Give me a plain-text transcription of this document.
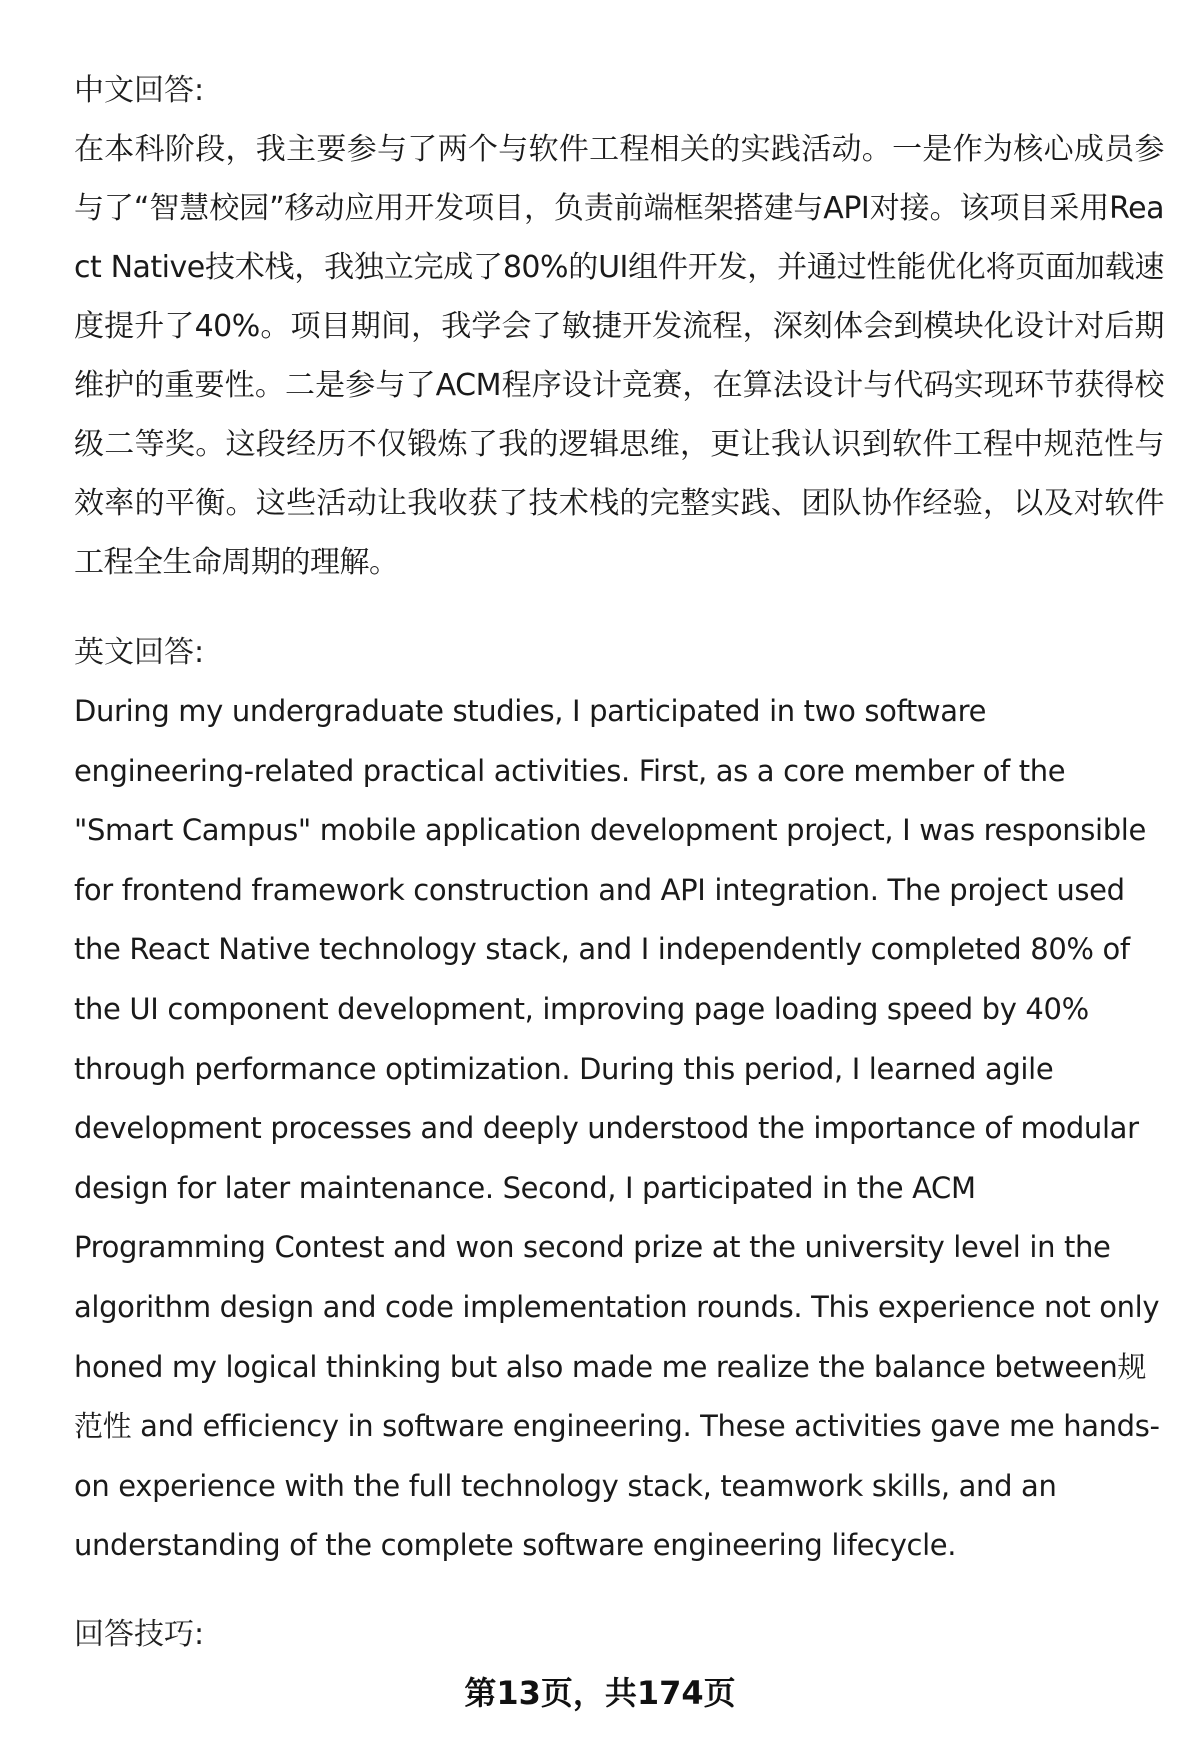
中文回答:

在本科阶段，我主要参与了两个与软件工程相关的实践活动。一是作为核心成员参与了“智慧校园”移动应用开发项目，负责前端框架搭建与API对接。该项目采用React Native技术栈，我独立完成了80%的UI组件开发，并通过性能优化将页面加载速度提升了40%。项目期间，我学会了敏捷开发流程，深刻体会到模块化设计对后期维护的重要性。二是参与了ACM程序设计竞赛，在算法设计与代码实现环节获得校级二等奖。这段经历不仅锻炼了我的逻辑思维，更让我认识到软件工程中规范性与效率的平衡。这些活动让我收获了技术栈的完整实践、团队协作经验，以及对软件工程全生命周期的理解。

英文回答:

During my undergraduate studies, I participated in two software engineering-related practical activities. First, as a core member of the "Smart Campus" mobile application development project, I was responsible for frontend framework construction and API integration. The project used the React Native technology stack, and I independently completed 80% of the UI component development, improving page loading speed by 40% through performance optimization. During this period, I learned agile development processes and deeply understood the importance of modular design for later maintenance. Second, I participated in the ACM Programming Contest and won second prize at the university level in the algorithm design and code implementation rounds. This experience not only honed my logical thinking but also made me realize the balance between规范性 and efficiency in software engineering. These activities gave me hands-on experience with the full technology stack, teamwork skills, and an understanding of the complete software engineering lifecycle.

回答技巧:

第13页，共174页
